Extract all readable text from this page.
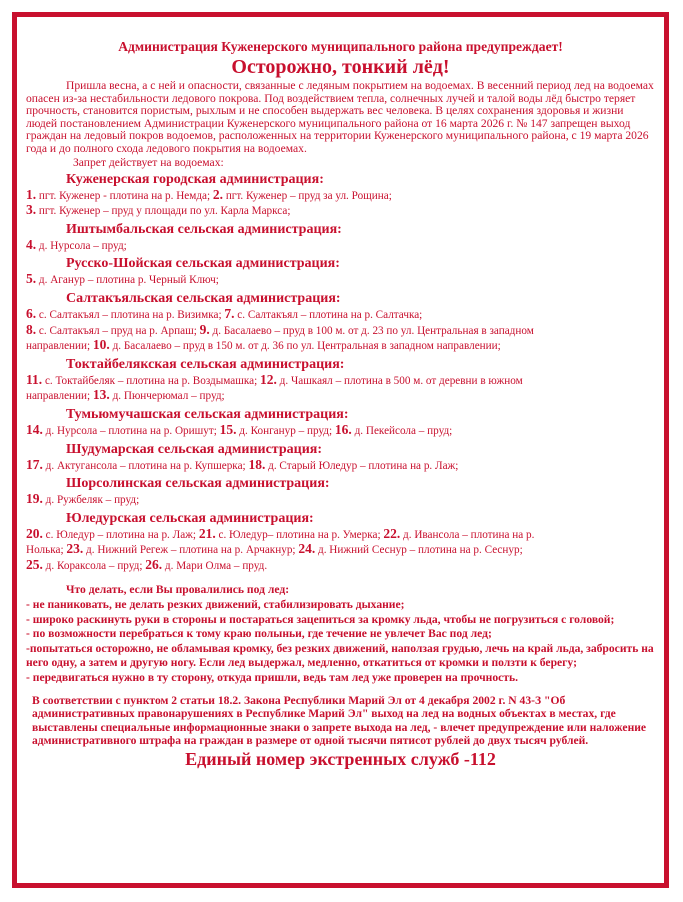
Администрация Куженерского муниципального района предупреждает!
Осторожно, тонкий лёд!
Пришла весна, а с ней и опасности, связанные с ледяным покрытием на водоемах. В весенний период лед на водоемах опасен из-за нестабильности ледового покрова. Под воздействием тепла, солнечных лучей и талой воды лёд быстро теряет прочность, становится пористым, рыхлым и не способен выдержать вес человека. В целях сохранения здоровья и жизни людей постановлением Администрации Куженерского муниципального района от 16 марта 2026 г. № 147 запрещен выход граждан на ледовый покров водоемов, расположенных на территории Куженерского муниципального района, с 19 марта 2026 года и до полного схода ледового покрытия на водоемах.
Запрет действует на водоемах:
Куженерская городская администрация:
1. пгт. Куженер - плотина на р. Немда; 2. пгт. Куженер – пруд за ул. Рощина;
3. пгт. Куженер – пруд у площади по ул. Карла Маркса;
Иштымбальская сельская администрация:
4. д. Нурсола – пруд;
Русско-Шойская сельская администрация:
5. д. Аганур – плотина р. Черный Ключ;
Салтакъяльская сельская администрация:
6. с. Салтакъял – плотина на р. Визимка; 7. с. Салтакъял – плотина на р. Салтачка;
8. с. Салтакъял – пруд на р. Арпаш; 9. д. Басалаево – пруд в 100 м. от д. 23 по ул. Центральная в западном
направлении; 10. д. Басалаево – пруд в 150 м. от д. 36 по ул. Центральная в западном направлении;
Токтайбелякская сельская администрация:
11. с. Токтайбеляк – плотина на р. Воздымашка; 12. д. Чашкаял – плотина в 500 м. от деревни в южном
направлении; 13. д. Пюнчерюмал – пруд;
Тумьюмучашская сельская администрация:
14. д. Нурсола – плотина на р. Оришут; 15. д. Конганур – пруд; 16. д. Пекейсола – пруд;
Шудумарская сельская администрация:
17. д. Актугансола – плотина на р. Купшерка; 18. д. Старый Юледур – плотина на р. Лаж;
Шорсолинская сельская администрация:
19. д. Ружбеляк – пруд;
Юледурская сельская администрация:
20. с. Юледур – плотина на р. Лаж; 21. с. Юледур– плотина на р. Умерка; 22. д. Ивансола – плотина на р.
Нолька; 23. д. Нижний Регеж – плотина на р. Арчакнур; 24. д. Нижний Сеснур – плотина на р. Сеснур;
25. д. Кораксола – пруд; 26. д. Мари Олма – пруд.
Что делать, если Вы провалились под лед:
- не паниковать, не делать резких движений, стабилизировать дыхание;
- широко раскинуть руки в стороны и постараться зацепиться за кромку льда, чтобы не погрузиться с головой;
- по возможности перебраться к тому краю полыньи, где течение не увлечет Вас под лед;
-попытаться осторожно, не обламывая кромку, без резких движений, наползая грудью, лечь на край льда, забросить на него одну, а затем и другую ногу. Если лед выдержал, медленно, откатиться от кромки и ползти к берегу;
- передвигаться нужно в ту сторону, откуда пришли, ведь там лед уже проверен на прочность.
В соответствии с пунктом 2 статьи 18.2. Закона Республики Марий Эл от 4 декабря 2002 г. N 43-З "Об административных правонарушениях в Республике Марий Эл" выход на лед на водных объектах в местах, где выставлены специальные информационные знаки о запрете выхода на лед, - влечет предупреждение или наложение административного штрафа на граждан в размере от одной тысячи пятисот рублей до двух тысяч рублей.
Единый номер экстренных служб -112
